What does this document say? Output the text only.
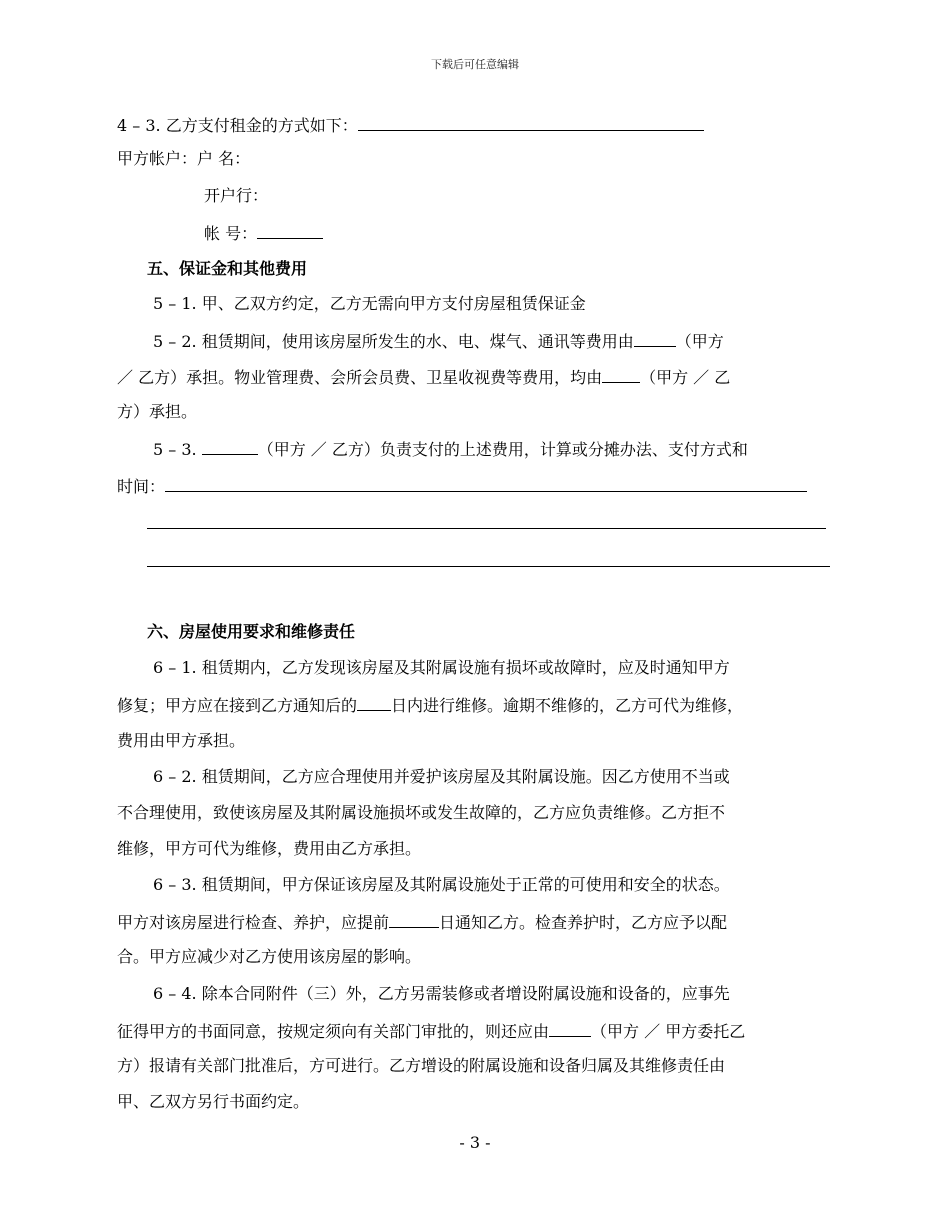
下载后可任意编辑
4 – 3. 乙方支付租金的方式如下：
甲方帐户：户 名：
开户行：
帐 号：
五、保证金和其他费用
5 – 1. 甲、乙双方约定，乙方无需向甲方支付房屋租赁保证金
5 – 2. 租赁期间，使用该房屋所发生的水、电、煤气、通讯等费用由	（甲方
／ 乙方）承担。物业管理费、会所会员费、卫星收视费等费用，均由 （甲方 ／ 乙
方）承担。
5 – 3.	（甲方 ／ 乙方）负责支付的上述费用，计算或分摊办法、支付方式和
时间：
六、房屋使用要求和维修责任
6 – 1. 租赁期内，乙方发现该房屋及其附属设施有损坏或故障时，应及时通知甲方
修复；甲方应在接到乙方通知后的 日内进行维修。逾期不维修的，乙方可代为维修，
费用由甲方承担。
6 – 2. 租赁期间，乙方应合理使用并爱护该房屋及其附属设施。因乙方使用不当或
不合理使用，致使该房屋及其附属设施损坏或发生故障的，乙方应负责维修。乙方拒不
维修，甲方可代为维修，费用由乙方承担。
6 – 3. 租赁期间，甲方保证该房屋及其附属设施处于正常的可使用和安全的状态。
甲方对该房屋进行检查、养护，应提前	日通知乙方。检查养护时，乙方应予以配
合。甲方应减少对乙方使用该房屋的影响。
6 – 4. 除本合同附件（三）外，乙方另需装修或者增设附属设施和设备的，应事先
征得甲方的书面同意，按规定须向有关部门审批的，则还应由	（甲方 ／ 甲方委托乙
方）报请有关部门批准后，方可进行。乙方增设的附属设施和设备归属及其维修责任由
甲、乙双方另行书面约定。
- 3 -
